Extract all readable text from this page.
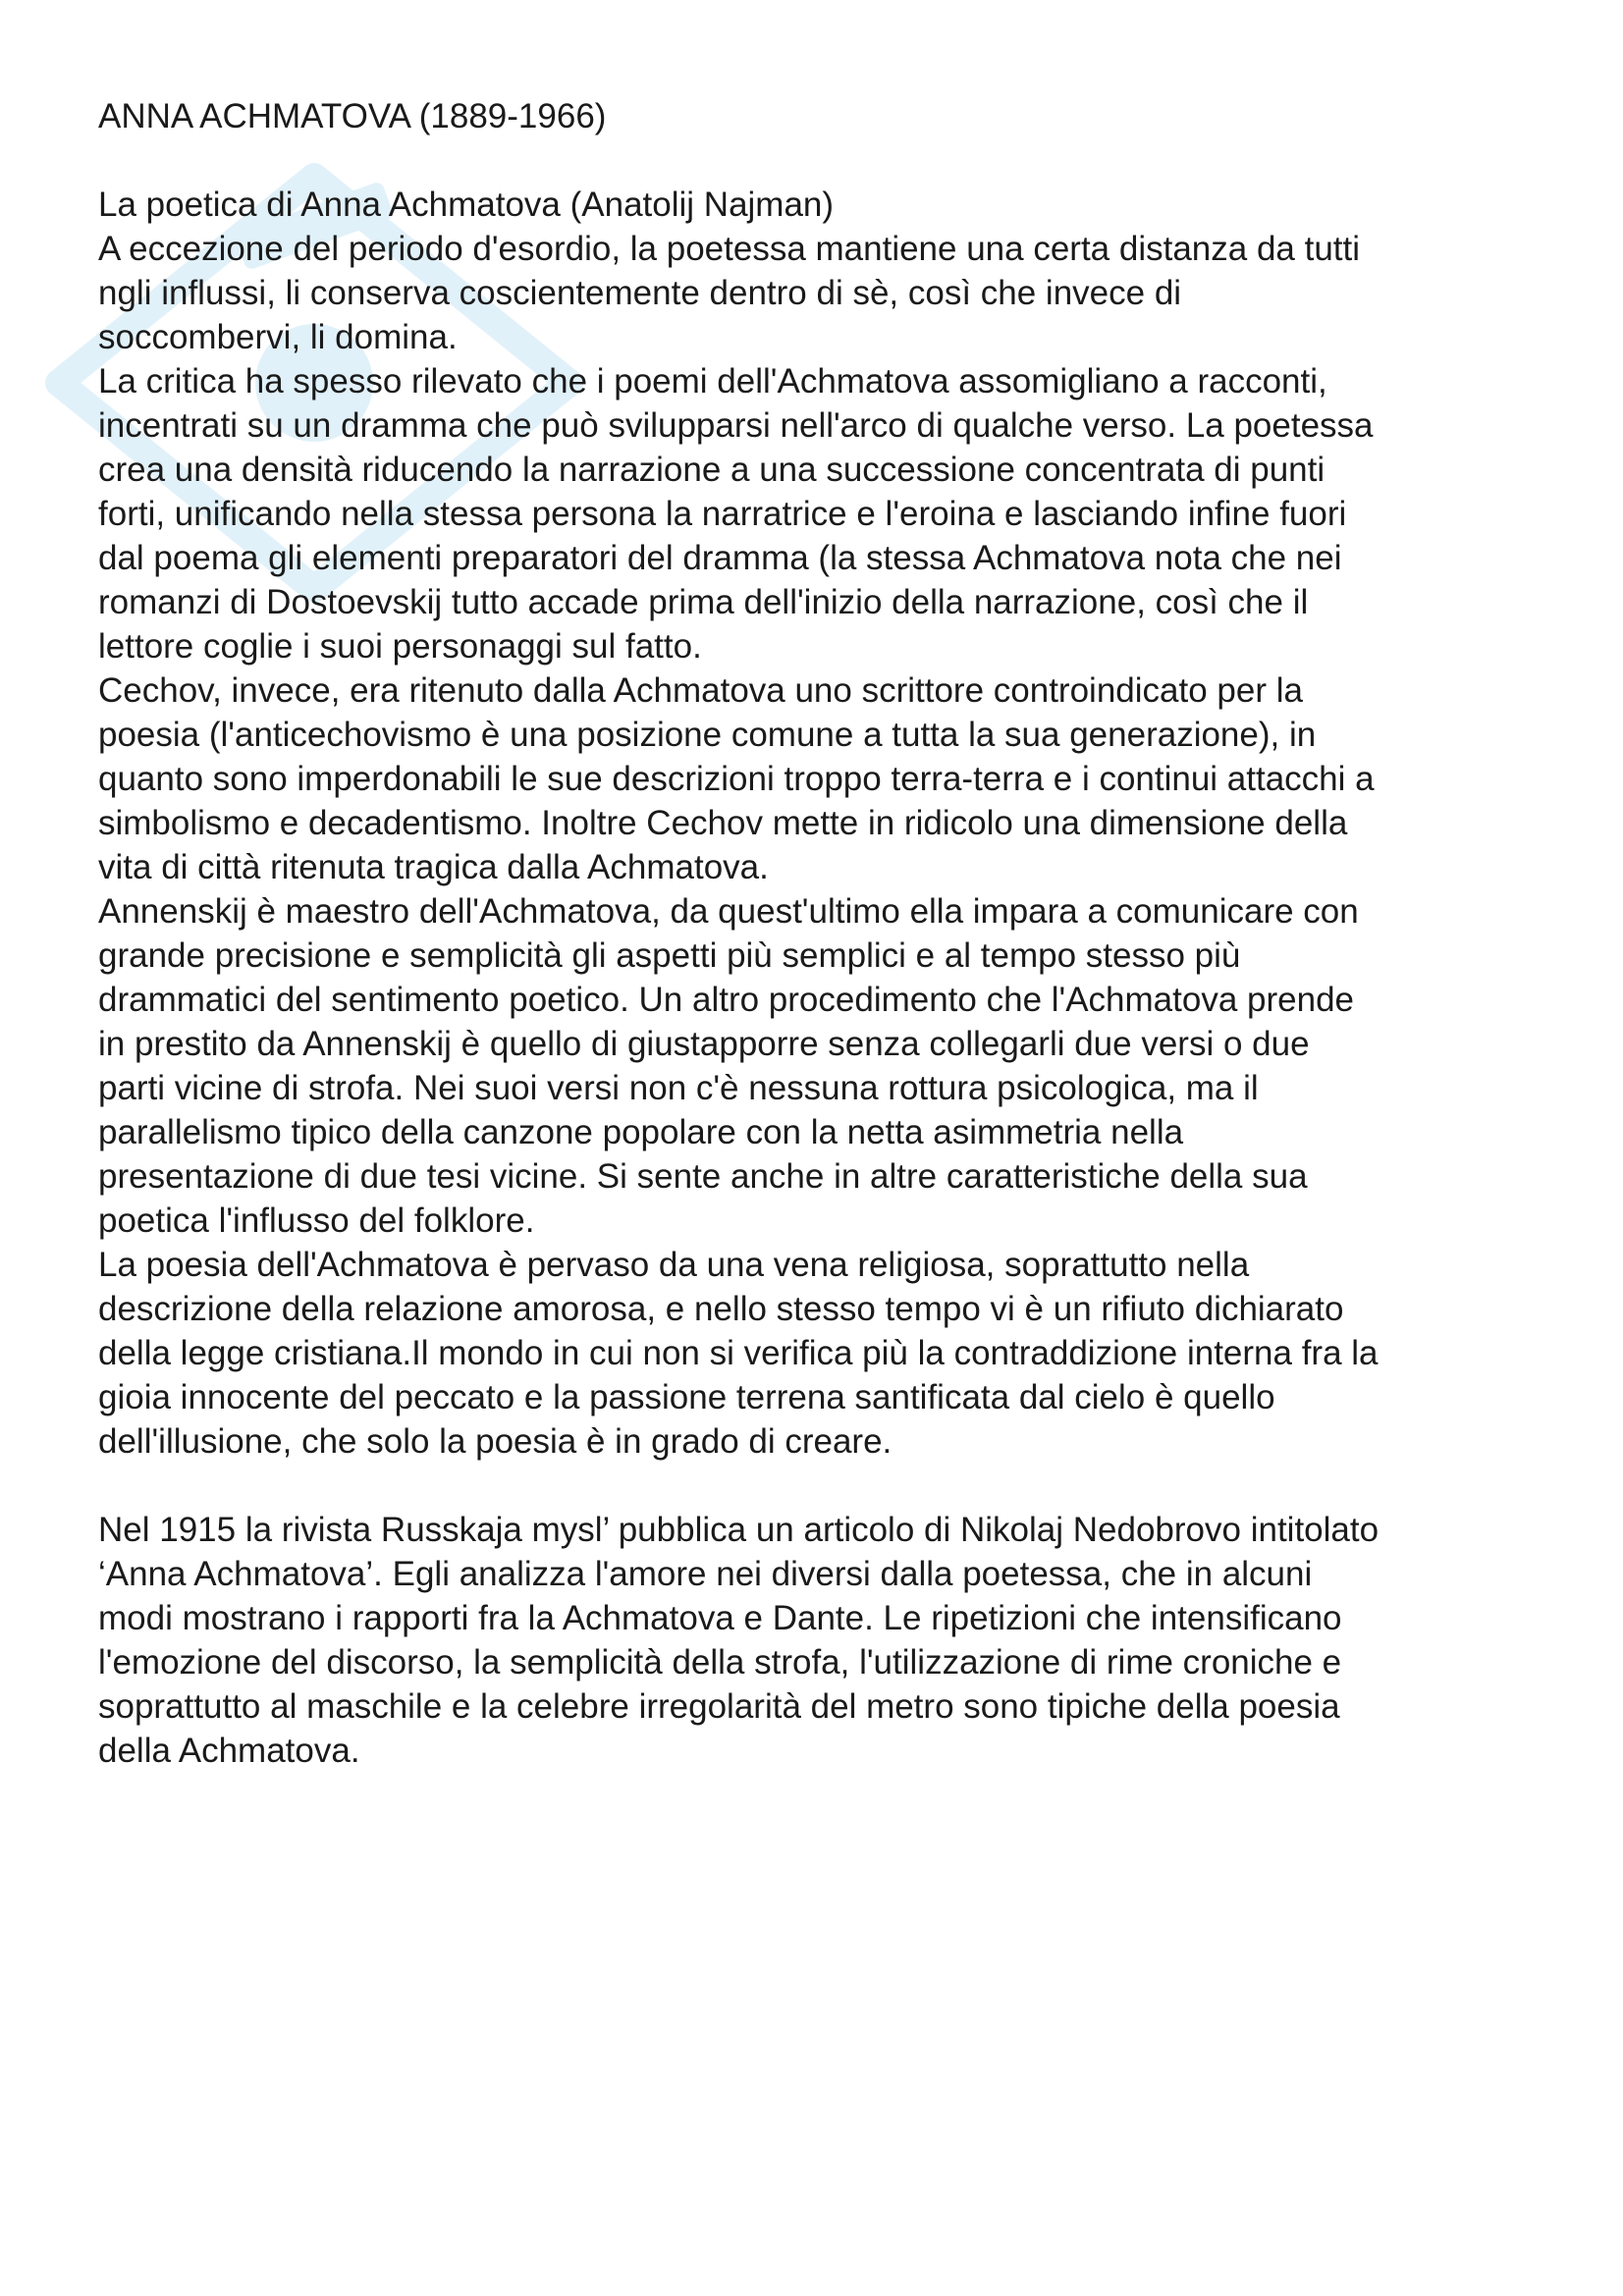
ANNA ACHMATOVA (1889-1966)
La poetica di Anna Achmatova (Anatolij Najman)
A eccezione del periodo d'esordio, la poetessa mantiene una certa distanza da tutti
ngli influssi, li conserva coscientemente dentro di sè, così che invece di
soccombervi, li domina.
La critica ha spesso rilevato che i poemi dell'Achmatova assomigliano a racconti,
incentrati su un dramma che può svilupparsi nell'arco di qualche verso. La poetessa
crea una densità riducendo la narrazione a una successione concentrata di punti
forti, unificando nella stessa persona la narratrice e l'eroina e lasciando infine fuori
dal poema gli elementi preparatori del dramma (la stessa Achmatova nota che nei
romanzi di Dostoevskij tutto accade prima dell'inizio della narrazione, così che il
lettore coglie i suoi personaggi sul fatto.
Cechov, invece, era ritenuto dalla Achmatova uno scrittore controindicato per la
poesia (l'anticechovismo è una posizione comune a tutta la sua generazione), in
quanto sono imperdonabili le sue descrizioni troppo terra-terra e i continui attacchi a
simbolismo e decadentismo. Inoltre Cechov mette in ridicolo una dimensione della
vita di città ritenuta tragica dalla Achmatova.
Annenskij è maestro dell'Achmatova, da quest'ultimo ella impara a comunicare con
grande precisione e semplicità gli aspetti più semplici e al tempo stesso più
drammatici del sentimento poetico. Un altro procedimento che l'Achmatova prende
in prestito da Annenskij è quello di giustapporre senza collegarli due versi o due
parti vicine di strofa. Nei suoi versi non c'è nessuna rottura psicologica, ma il
parallelismo tipico della canzone popolare con la netta asimmetria nella
presentazione di due tesi vicine. Si sente anche in altre caratteristiche della sua
poetica l'influsso del folklore.
La poesia dell'Achmatova è pervaso da una vena religiosa, soprattutto nella
descrizione della relazione amorosa, e nello stesso tempo vi è un rifiuto dichiarato
della legge cristiana.Il mondo in cui non si verifica più la contraddizione interna fra la
gioia innocente del peccato e la passione terrena santificata dal cielo è quello
dell'illusione, che solo la poesia è in grado di creare.
Nel 1915 la rivista Russkaja mysl’ pubblica un articolo di Nikolaj Nedobrovo intitolato
‘Anna Achmatova’. Egli analizza l'amore nei diversi dalla poetessa, che in alcuni
modi mostrano i rapporti fra la Achmatova e Dante. Le ripetizioni che intensificano
l'emozione del discorso, la semplicità della strofa, l'utilizzazione di rime croniche e
soprattutto al maschile e la celebre irregolarità del metro sono tipiche della poesia
della Achmatova.
